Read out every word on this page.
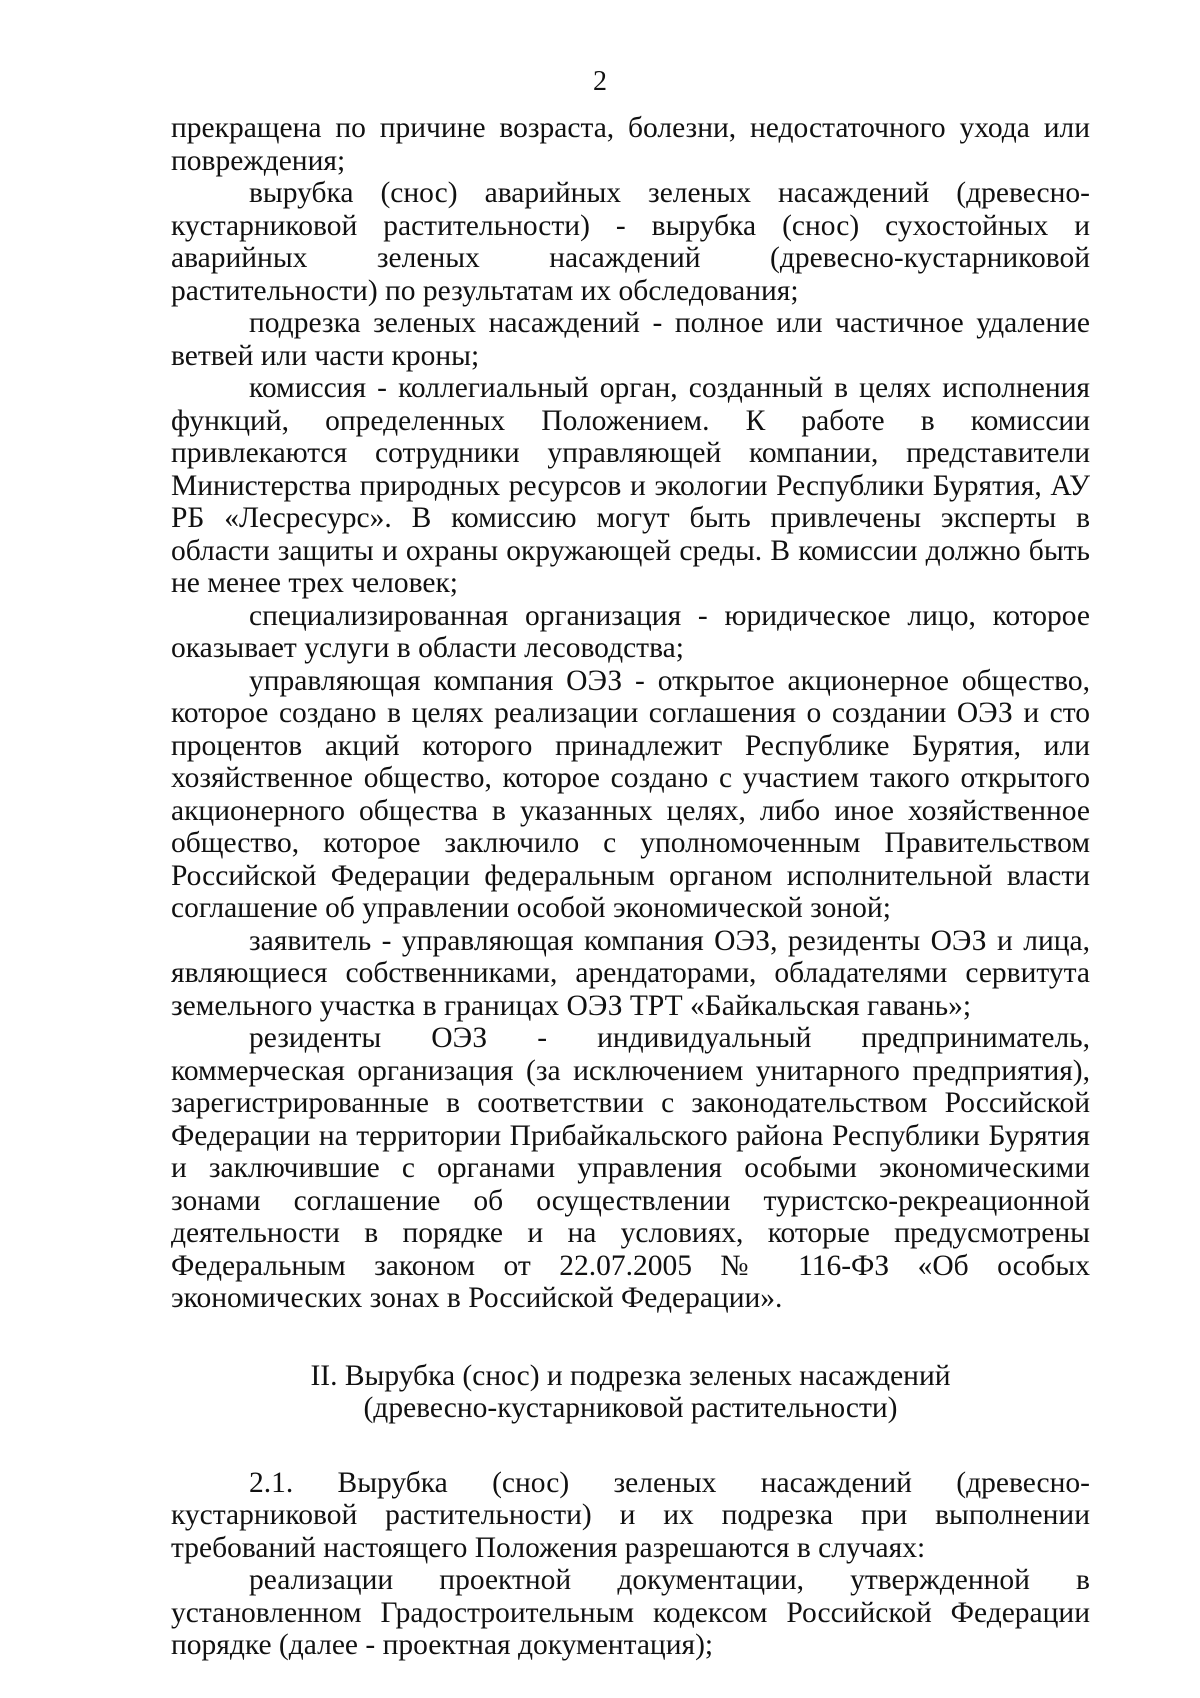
2

прекращена по причине возраста, болезни, недостаточного ухода или повреждения;

вырубка (снос) аварийных зеленых насаждений (древесно-кустарниковой растительности) - вырубка (снос) сухостойных и аварийных зеленых насаждений (древесно-кустарниковой растительности) по результатам их обследования;

подрезка зеленых насаждений - полное или частичное удаление ветвей или части кроны;

комиссия - коллегиальный орган, созданный в целях исполнения функций, определенных Положением. К работе в комиссии привлекаются сотрудники управляющей компании, представители Министерства природных ресурсов и экологии Республики Бурятия, АУ РБ «Лесресурс». В комиссию могут быть привлечены эксперты в области защиты и охраны окружающей среды. В комиссии должно быть не менее трех человек;

специализированная организация - юридическое лицо, которое оказывает услуги в области лесоводства;

управляющая компания ОЭЗ - открытое акционерное общество, которое создано в целях реализации соглашения о создании ОЭЗ и сто процентов акций которого принадлежит Республике Бурятия, или хозяйственное общество, которое создано с участием такого открытого акционерного общества в указанных целях, либо иное хозяйственное общество, которое заключило с уполномоченным Правительством Российской Федерации федеральным органом исполнительной власти соглашение об управлении особой экономической зоной;

заявитель - управляющая компания ОЭЗ, резиденты ОЭЗ и лица, являющиеся собственниками, арендаторами, обладателями сервитута земельного участка в границах ОЭЗ ТРТ «Байкальская гавань»;

резиденты ОЭЗ - индивидуальный предприниматель, коммерческая организация (за исключением унитарного предприятия), зарегистрированные в соответствии с законодательством Российской Федерации на территории Прибайкальского района Республики Бурятия и заключившие с органами управления особыми экономическими зонами соглашение об осуществлении туристско-рекреационной деятельности в порядке и на условиях, которые предусмотрены Федеральным законом от 22.07.2005 № 116-ФЗ «Об особых экономических зонах в Российской Федерации».

II. Вырубка (снос) и подрезка зеленых насаждений
(древесно-кустарниковой растительности)

2.1. Вырубка (снос) зеленых насаждений (древесно-кустарниковой растительности) и их подрезка при выполнении требований настоящего Положения разрешаются в случаях:

реализации проектной документации, утвержденной в установленном Градостроительным кодексом Российской Федерации порядке (далее - проектная документация);
